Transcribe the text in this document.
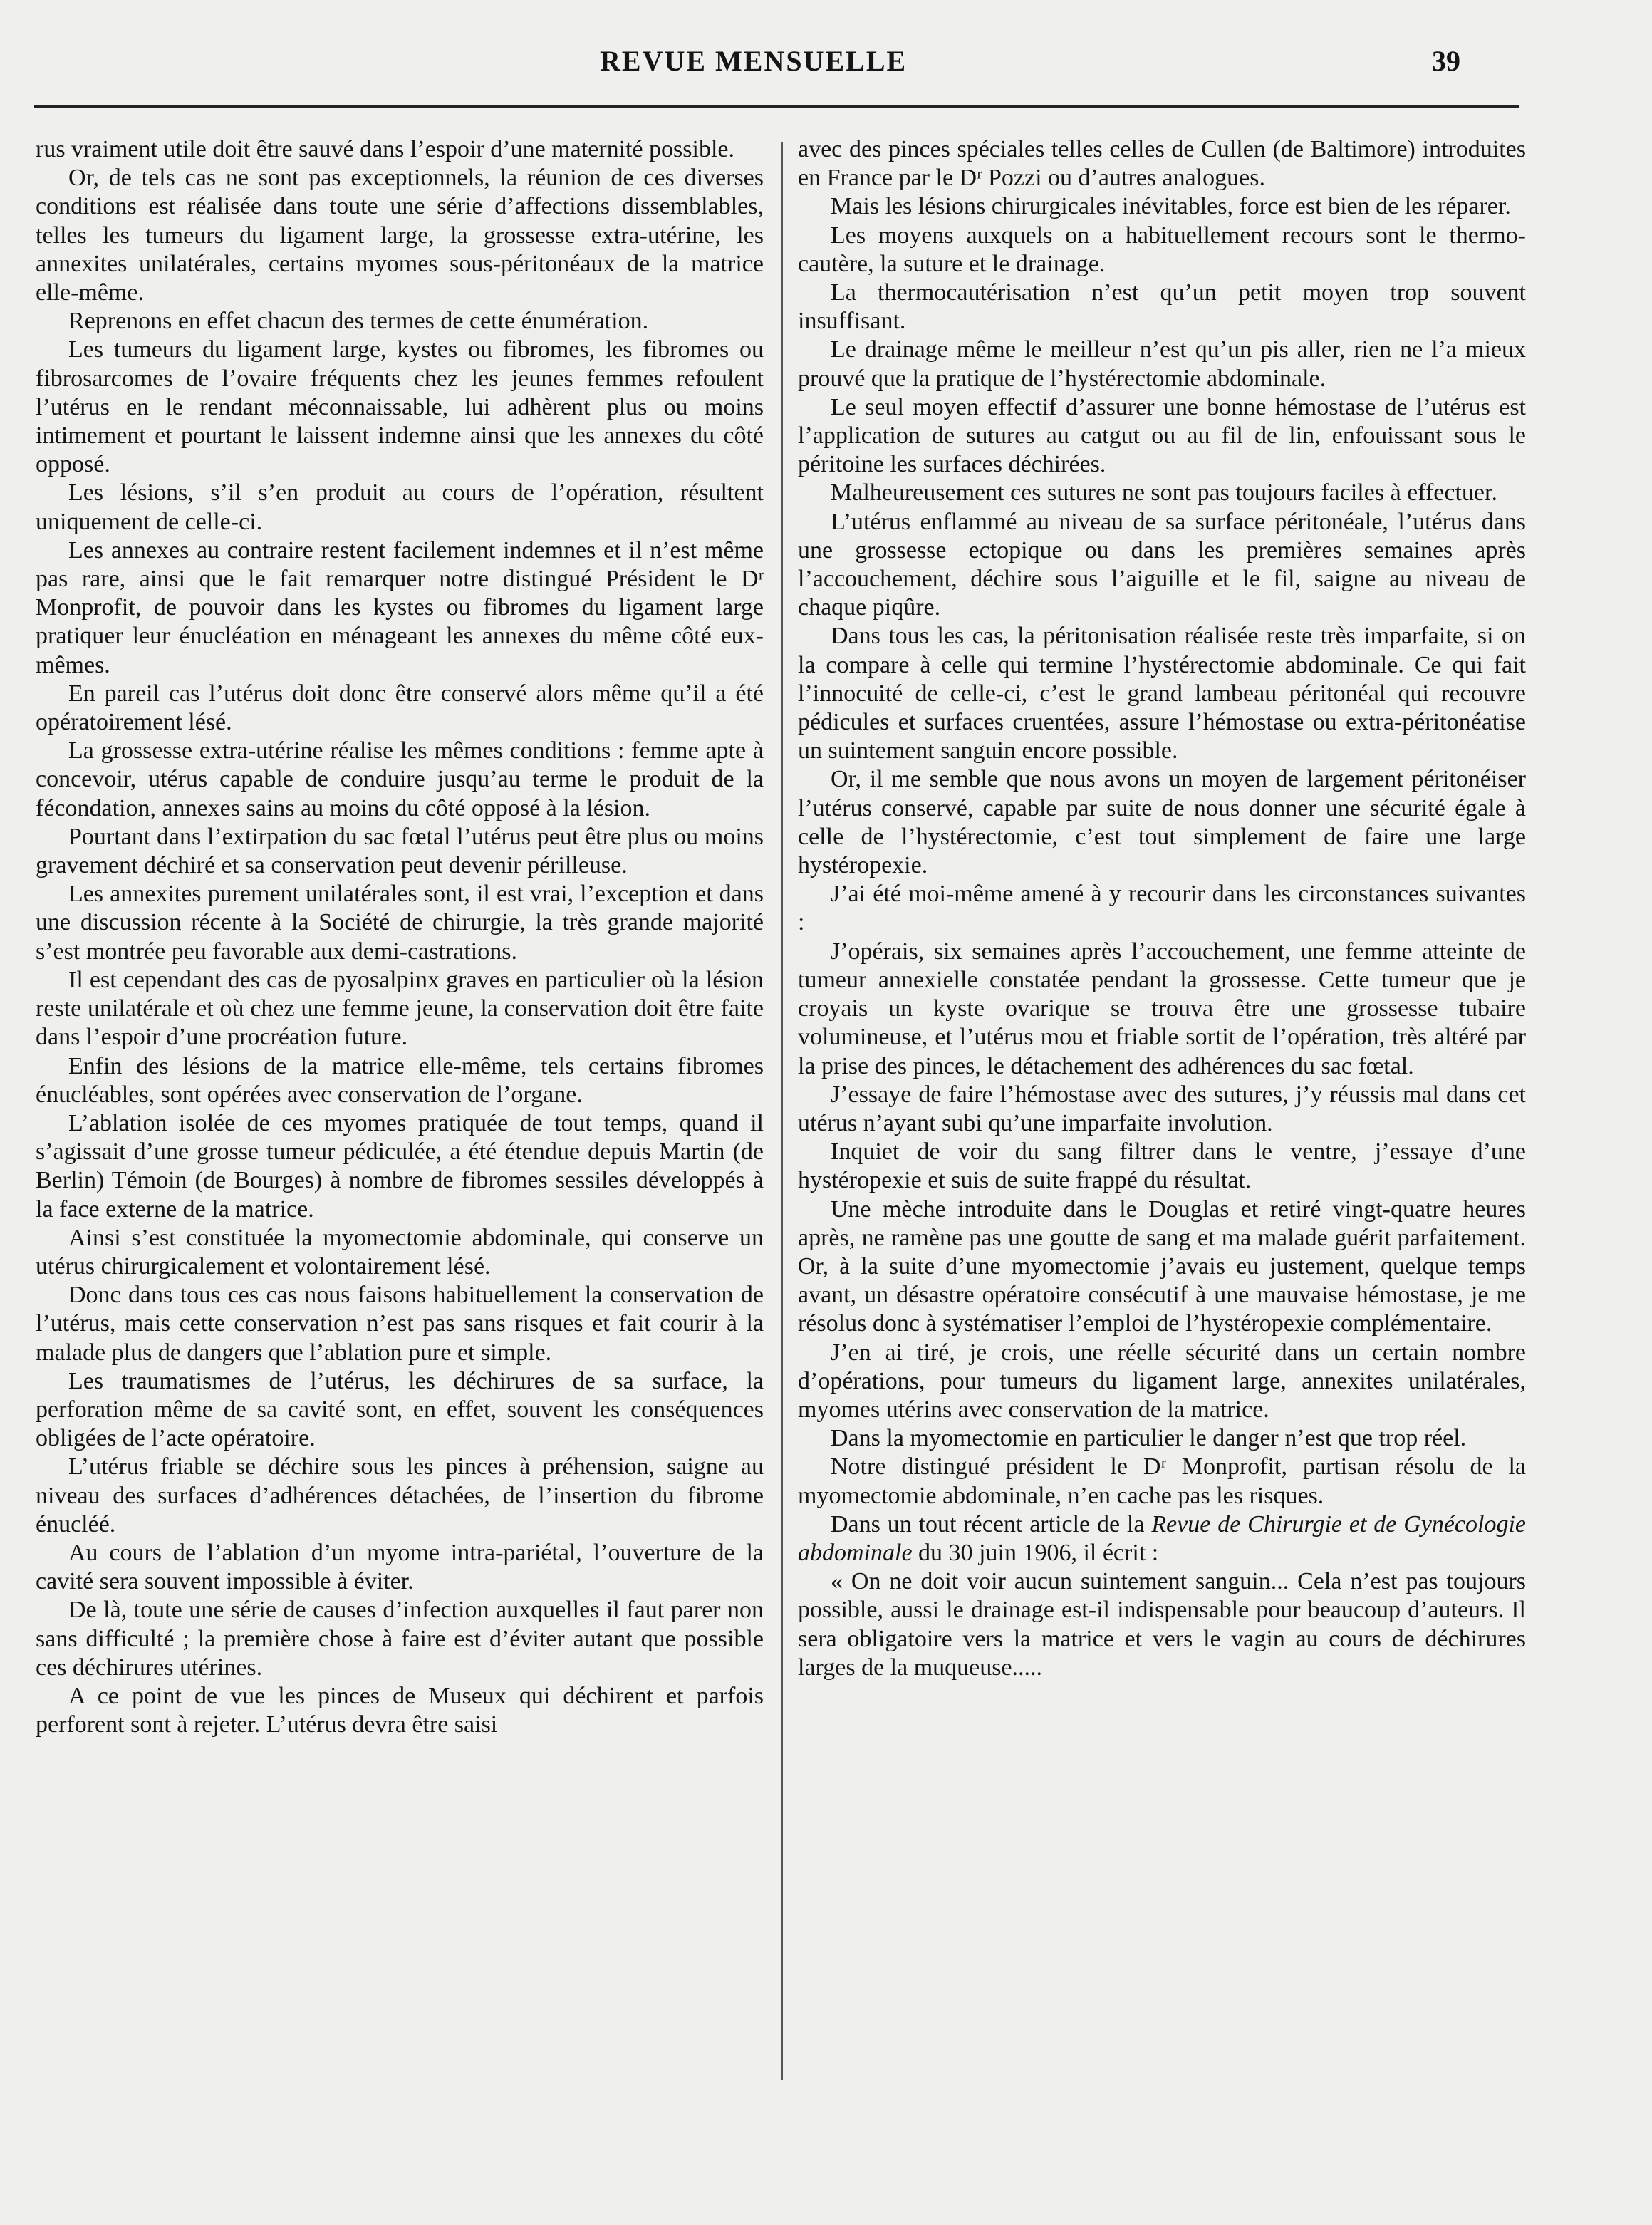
REVUE MENSUELLE	39

rus vraiment utile doit être sauvé dans l’espoir d’une maternité possible.

Or, de tels cas ne sont pas exceptionnels, la réunion de ces diverses conditions est réalisée dans toute une série d’affections dissemblables, telles les tumeurs du ligament large, la grossesse extra-utérine, les annexites unilatérales, certains myomes sous-péritonéaux de la matrice elle-même.

Reprenons en effet chacun des termes de cette énumération.

Les tumeurs du ligament large, kystes ou fibromes, les fibromes ou fibrosarcomes de l’ovaire fréquents chez les jeunes femmes refoulent l’utérus en le rendant méconnaissable, lui adhèrent plus ou moins intimement et pourtant le laissent indemne ainsi que les annexes du côté opposé.

Les lésions, s’il s’en produit au cours de l’opération, résultent uniquement de celle-ci.

Les annexes au contraire restent facilement indemnes et il n’est même pas rare, ainsi que le fait remarquer notre distingué Président le Dʳ Monprofit, de pouvoir dans les kystes ou fibromes du ligament large pratiquer leur énucléation en ménageant les annexes du même côté eux-mêmes.

En pareil cas l’utérus doit donc être conservé alors même qu’il a été opératoirement lésé.

La grossesse extra-utérine réalise les mêmes conditions : femme apte à concevoir, utérus capable de conduire jusqu’au terme le produit de la fécondation, annexes sains au moins du côté opposé à la lésion.

Pourtant dans l’extirpation du sac fœtal l’utérus peut être plus ou moins gravement déchiré et sa conservation peut devenir périlleuse.

Les annexites purement unilatérales sont, il est vrai, l’exception et dans une discussion récente à la Société de chirurgie, la très grande majorité s’est montrée peu favorable aux demi-castrations.

Il est cependant des cas de pyosalpinx graves en particulier où la lésion reste unilatérale et où chez une femme jeune, la conservation doit être faite dans l’espoir d’une procréation future.

Enfin des lésions de la matrice elle-même, tels certains fibromes énucléables, sont opérées avec conservation de l’organe.

L’ablation isolée de ces myomes pratiquée de tout temps, quand il s’agissait d’une grosse tumeur pédiculée, a été étendue depuis Martin (de Berlin) Témoin (de Bourges) à nombre de fibromes sessiles développés à la face externe de la matrice.

Ainsi s’est constituée la myomectomie abdominale, qui conserve un utérus chirurgicalement et volontairement lésé.

Donc dans tous ces cas nous faisons habituellement la conservation de l’utérus, mais cette conservation n’est pas sans risques et fait courir à la malade plus de dangers que l’ablation pure et simple.

Les traumatismes de l’utérus, les déchirures de sa surface, la perforation même de sa cavité sont, en effet, souvent les conséquences obligées de l’acte opératoire.

L’utérus friable se déchire sous les pinces à préhension, saigne au niveau des surfaces d’adhérences détachées, de l’insertion du fibrome énucléé.

Au cours de l’ablation d’un myome intra-pariétal, l’ouverture de la cavité sera souvent impossible à éviter.

De là, toute une série de causes d’infection auxquelles il faut parer non sans difficulté ; la première chose à faire est d’éviter autant que possible ces déchirures utérines.

A ce point de vue les pinces de Museux qui déchirent et parfois perforent sont à rejeter. L’utérus devra être saisi

avec des pinces spéciales telles celles de Cullen (de Baltimore) introduites en France par le Dʳ Pozzi ou d’autres analogues.

Mais les lésions chirurgicales inévitables, force est bien de les réparer.

Les moyens auxquels on a habituellement recours sont le thermo-cautère, la suture et le drainage.

La thermocautérisation n’est qu’un petit moyen trop souvent insuffisant.

Le drainage même le meilleur n’est qu’un pis aller, rien ne l’a mieux prouvé que la pratique de l’hystérectomie abdominale.

Le seul moyen effectif d’assurer une bonne hémostase de l’utérus est l’application de sutures au catgut ou au fil de lin, enfouissant sous le péritoine les surfaces déchirées.

Malheureusement ces sutures ne sont pas toujours faciles à effectuer.

L’utérus enflammé au niveau de sa surface péritonéale, l’utérus dans une grossesse ectopique ou dans les premières semaines après l’accouchement, déchire sous l’aiguille et le fil, saigne au niveau de chaque piqûre.

Dans tous les cas, la péritonisation réalisée reste très imparfaite, si on la compare à celle qui termine l’hystérectomie abdominale. Ce qui fait l’innocuité de celle-ci, c’est le grand lambeau péritonéal qui recouvre pédicules et surfaces cruentées, assure l’hémostase ou extra-péritonéatise un suintement sanguin encore possible.

Or, il me semble que nous avons un moyen de largement péritonéiser l’utérus conservé, capable par suite de nous donner une sécurité égale à celle de l’hystérectomie, c’est tout simplement de faire une large hystéropexie.

J’ai été moi-même amené à y recourir dans les circonstances suivantes :

J’opérais, six semaines après l’accouchement, une femme atteinte de tumeur annexielle constatée pendant la grossesse. Cette tumeur que je croyais un kyste ovarique se trouva être une grossesse tubaire volumineuse, et l’utérus mou et friable sortit de l’opération, très altéré par la prise des pinces, le détachement des adhérences du sac fœtal.

J’essaye de faire l’hémostase avec des sutures, j’y réussis mal dans cet utérus n’ayant subi qu’une imparfaite involution.

Inquiet de voir du sang filtrer dans le ventre, j’essaye d’une hystéropexie et suis de suite frappé du résultat.

Une mèche introduite dans le Douglas et retiré vingt-quatre heures après, ne ramène pas une goutte de sang et ma malade guérit parfaitement. Or, à la suite d’une myomectomie j’avais eu justement, quelque temps avant, un désastre opératoire consécutif à une mauvaise hémostase, je me résolus donc à systématiser l’emploi de l’hystéropexie complémentaire.

J’en ai tiré, je crois, une réelle sécurité dans un certain nombre d’opérations, pour tumeurs du ligament large, annexites unilatérales, myomes utérins avec conservation de la matrice.

Dans la myomectomie en particulier le danger n’est que trop réel.

Notre distingué président le Dʳ Monprofit, partisan résolu de la myomectomie abdominale, n’en cache pas les risques.

Dans un tout récent article de la Revue de Chirurgie et de Gynécologie abdominale du 30 juin 1906, il écrit :

« On ne doit voir aucun suintement sanguin... Cela n’est pas toujours possible, aussi le drainage est-il indispensable pour beaucoup d’auteurs. Il sera obligatoire vers la matrice et vers le vagin au cours de déchirures larges de la muqueuse.....
